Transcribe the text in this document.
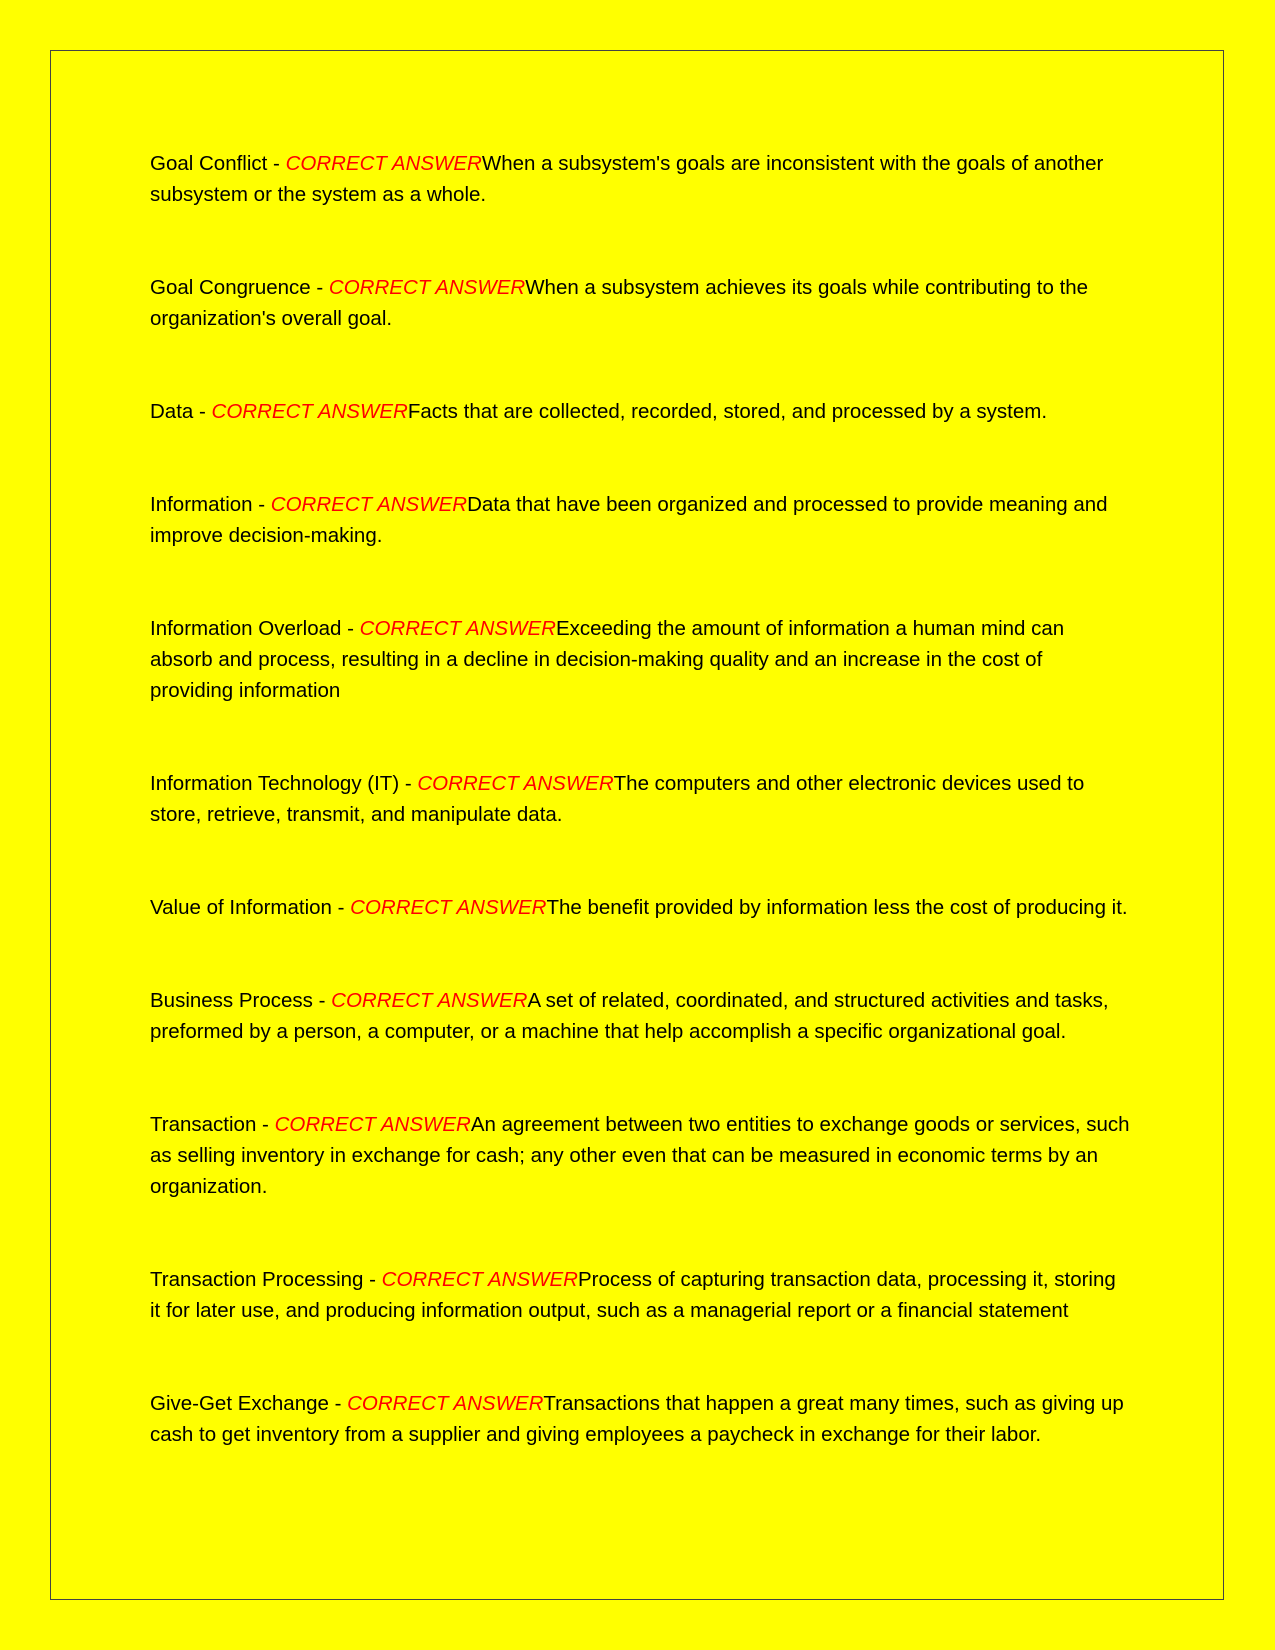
Goal Conflict - CORRECT ANSWERWhen a subsystem's goals are inconsistent with the goals of another subsystem or the system as a whole.

Goal Congruence - CORRECT ANSWERWhen a subsystem achieves its goals while contributing to the organization's overall goal.

Data - CORRECT ANSWERFacts that are collected, recorded, stored, and processed by a system.

Information - CORRECT ANSWERData that have been organized and processed to provide meaning and improve decision-making.

Information Overload - CORRECT ANSWERExceeding the amount of information a human mind can absorb and process, resulting in a decline in decision-making quality and an increase in the cost of providing information

Information Technology (IT) - CORRECT ANSWERThe computers and other electronic devices used to store, retrieve, transmit, and manipulate data.

Value of Information - CORRECT ANSWERThe benefit provided by information less the cost of producing it.

Business Process - CORRECT ANSWERA set of related, coordinated, and structured activities and tasks, preformed by a person, a computer, or a machine that help accomplish a specific organizational goal.

Transaction - CORRECT ANSWERAn agreement between two entities to exchange goods or services, such as selling inventory in exchange for cash; any other even that can be measured in economic terms by an organization.

Transaction Processing - CORRECT ANSWERProcess of capturing transaction data, processing it, storing it for later use, and producing information output, such as a managerial report or a financial statement

Give-Get Exchange - CORRECT ANSWERTransactions that happen a great many times, such as giving up cash to get inventory from a supplier and giving employees a paycheck in exchange for their labor.
